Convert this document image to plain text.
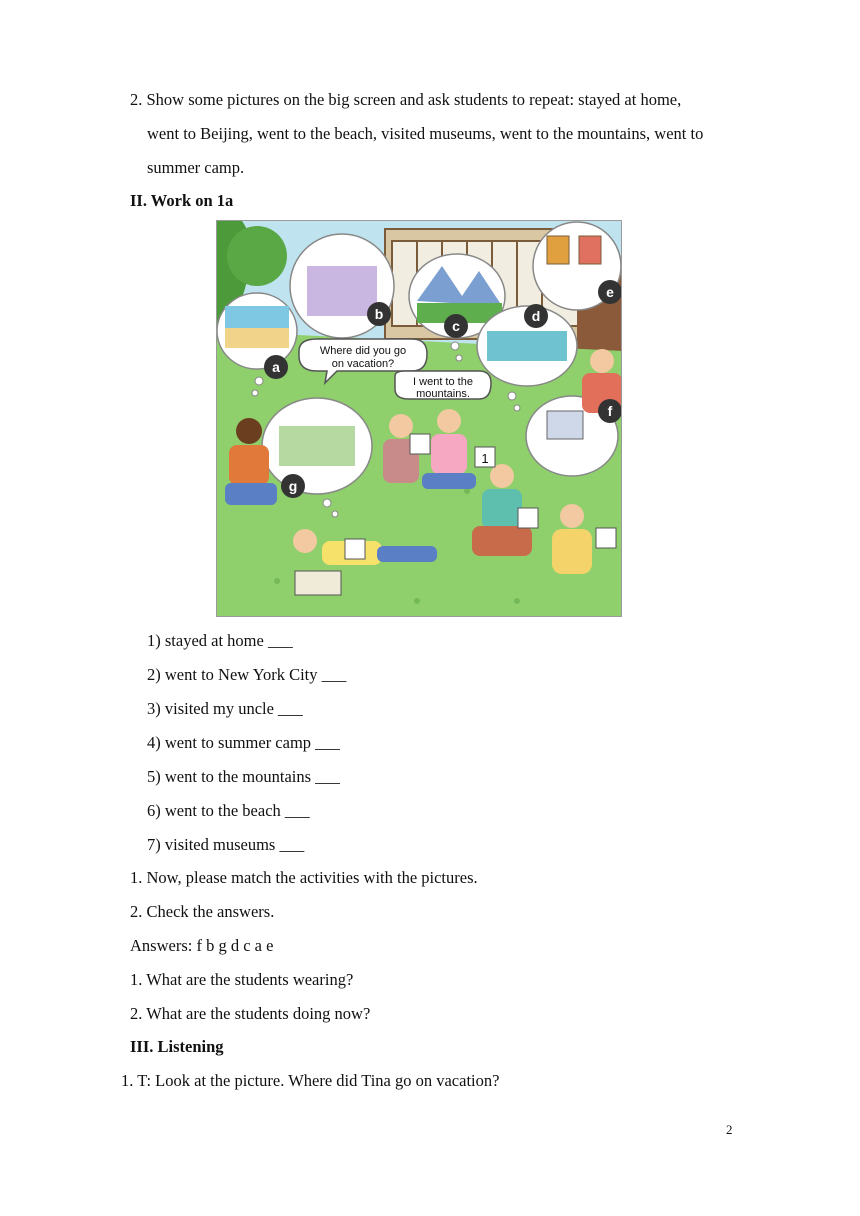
2. Show some pictures on the big screen and ask students to repeat: stayed at home,
went to Beijing, went to the beach, visited museums, went to the mountains, went to
summer camp.
II. Work on 1a
Where did you go
on vacation?
I went to the
mountains.
1
a
b
c
d
e
f
g
1) stayed at home ___
2) went to New York City ___
3) visited my uncle ___
4) went to summer camp ___
5) went to the mountains ___
6) went to the beach ___
7) visited museums ___
1. Now, please match the activities with the pictures.
2. Check the answers.
Answers: f b g d c a e
1. What are the students wearing?
2. What are the students doing now?
III. Listening
1. T: Look at the picture. Where did Tina go on vacation?
2
